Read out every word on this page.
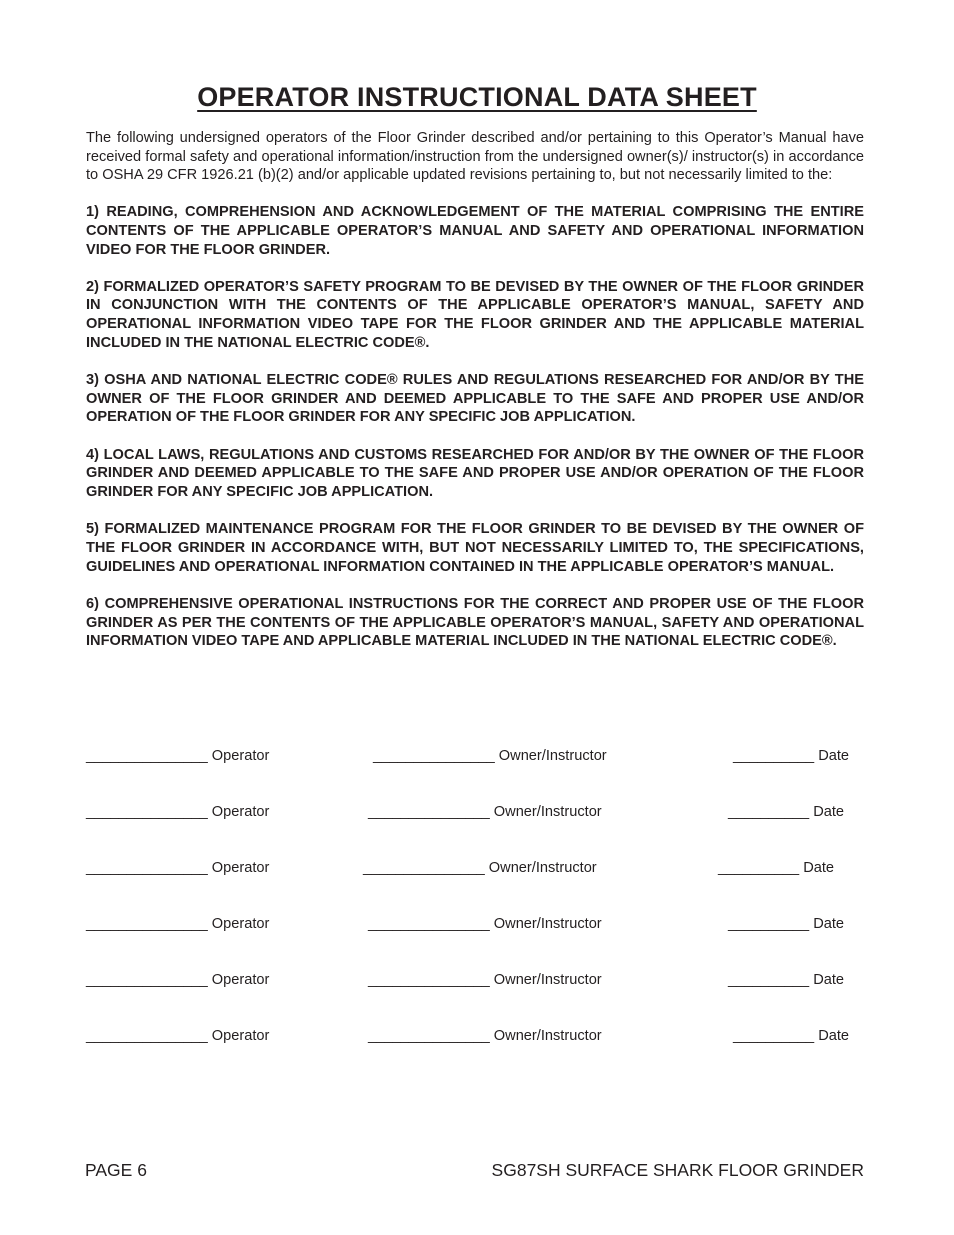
OPERATOR INSTRUCTIONAL DATA SHEET

The following undersigned operators of the Floor Grinder described and/or pertaining to this Operator’s Manual have received formal safety and operational information/instruction from the undersigned owner(s)/ instructor(s) in accordance to OSHA 29 CFR 1926.21 (b)(2) and/or applicable updated revisions pertaining to, but not necessarily limited to the:

1) READING, COMPREHENSION AND ACKNOWLEDGEMENT OF THE MATERIAL COMPRISING THE ENTIRE CONTENTS OF THE APPLICABLE OPERATOR’S MANUAL AND SAFETY AND OPERATIONAL INFORMATION VIDEO FOR THE FLOOR GRINDER.

2) FORMALIZED OPERATOR’S SAFETY PROGRAM TO BE DEVISED BY THE OWNER OF THE FLOOR GRINDER IN CONJUNCTION WITH THE CONTENTS OF THE APPLICABLE OPERATOR’S MANUAL, SAFETY AND OPERATIONAL INFORMATION VIDEO TAPE FOR THE FLOOR GRINDER AND THE APPLICABLE MATERIAL INCLUDED IN THE NATIONAL ELECTRIC CODE®.

3) OSHA AND NATIONAL ELECTRIC CODE® RULES AND REGULATIONS RESEARCHED FOR AND/OR BY THE OWNER OF THE FLOOR GRINDER AND DEEMED APPLICABLE TO THE SAFE AND PROPER USE AND/OR OPERATION OF THE FLOOR GRINDER FOR ANY SPECIFIC JOB APPLICATION.

4) LOCAL LAWS, REGULATIONS AND CUSTOMS RESEARCHED FOR AND/OR BY THE OWNER OF THE FLOOR GRINDER AND DEEMED APPLICABLE TO THE SAFE AND PROPER USE AND/OR OPERATION OF THE FLOOR GRINDER FOR ANY SPECIFIC JOB APPLICATION.

5) FORMALIZED MAINTENANCE PROGRAM FOR THE FLOOR GRINDER TO BE DEVISED BY THE OWNER OF THE FLOOR GRINDER IN ACCORDANCE WITH, BUT NOT NECESSARILY LIMITED TO, THE SPECIFICATIONS, GUIDELINES AND OPERATIONAL INFORMATION CONTAINED IN THE APPLICABLE OPERATOR’S MANUAL.

6) COMPREHENSIVE OPERATIONAL INSTRUCTIONS FOR THE CORRECT AND PROPER USE OF THE FLOOR GRINDER AS PER THE CONTENTS OF THE APPLICABLE OPERATOR’S MANUAL, SAFETY AND OPERATIONAL INFORMATION VIDEO TAPE AND APPLICABLE MATERIAL INCLUDED IN THE NATIONAL ELECTRIC CODE®.

_______________ Operator	_______________ Owner/Instructor	__________ Date
_______________ Operator	_______________ Owner/Instructor	__________ Date
_______________ Operator	_______________ Owner/Instructor	__________ Date
_______________ Operator	_______________ Owner/Instructor	__________ Date
_______________ Operator	_______________ Owner/Instructor	__________ Date
_______________ Operator	_______________ Owner/Instructor	__________ Date
PAGE 6	SG87SH SURFACE SHARK FLOOR GRINDER
